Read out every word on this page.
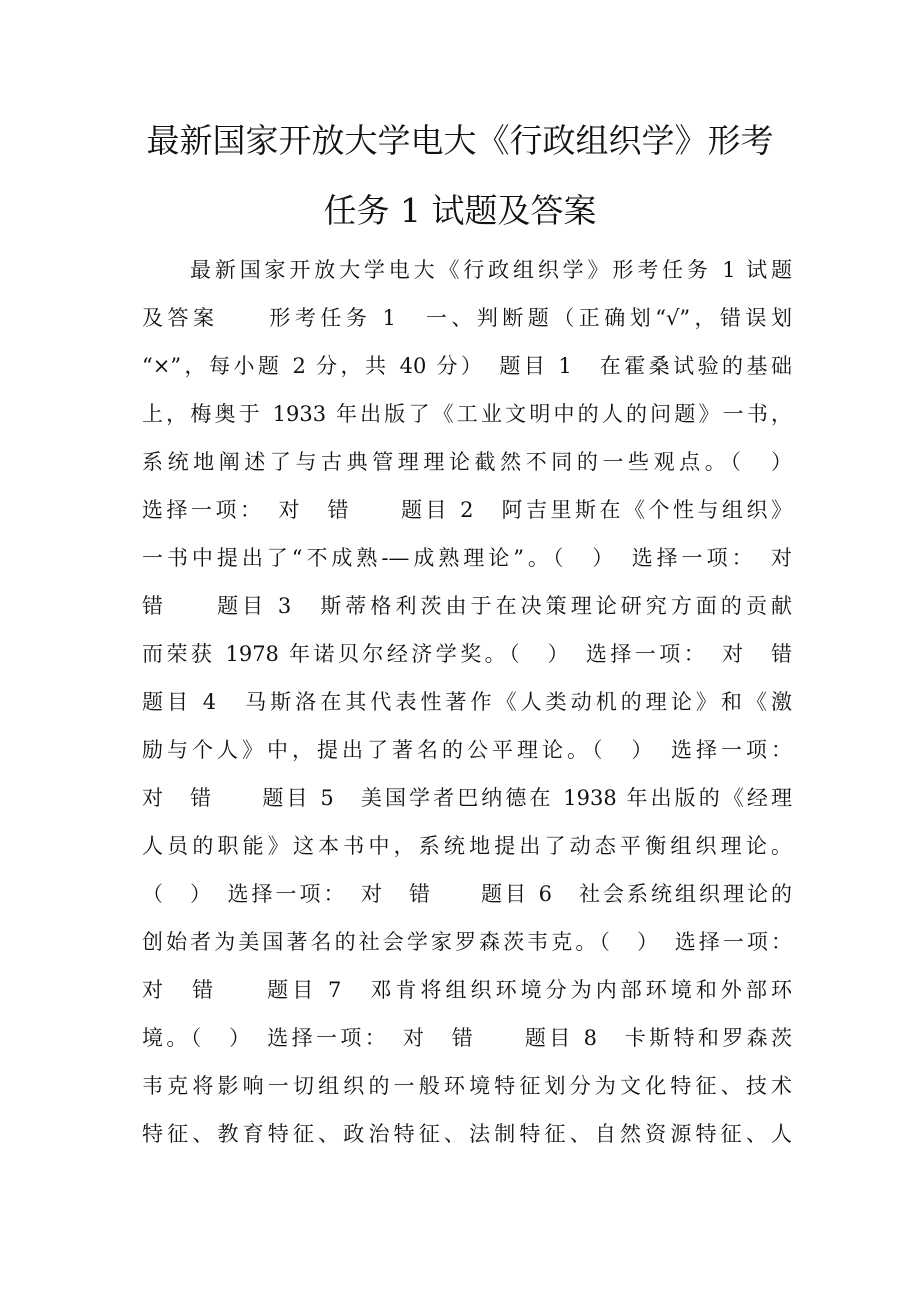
最新国家开放大学电大《行政组织学》形考
任务 1 试题及答案
最新国家开放大学电大《行政组织学》形考任务 1 试题
及答案　　形考任务 1　一、判断题（正确划“√”，错误划
“×”，每小题 2 分，共 40 分）　题目 1　在霍桑试验的基础
上，梅奥于 1933 年出版了《工业文明中的人的问题》一书，
系统地阐述了与古典管理理论截然不同的一些观点。（　）
选择一项：　对　错　　题目 2　阿吉里斯在《个性与组织》
一书中提出了“不成熟-—成熟理论”。（　）　选择一项：　对
错　　题目 3　斯蒂格利茨由于在决策理论研究方面的贡献
而荣获 1978 年诺贝尔经济学奖。（　）　选择一项：　对　错
题目 4　马斯洛在其代表性著作《人类动机的理论》和《激
励与个人》中，提出了著名的公平理论。（　）　选择一项：
对　错　　题目 5　美国学者巴纳德在 1938 年出版的《经理
人员的职能》这本书中，系统地提出了动态平衡组织理论。
（　）　选择一项：　对　错　　题目 6　社会系统组织理论的
创始者为美国著名的社会学家罗森茨韦克。（　）　选择一项：
对　错　　题目 7　邓肯将组织环境分为内部环境和外部环
境。（　）　选择一项：　对　错　　题目 8　卡斯特和罗森茨
韦克将影响一切组织的一般环境特征划分为文化特征、技术
特征、教育特征、政治特征、法制特征、自然资源特征、人
